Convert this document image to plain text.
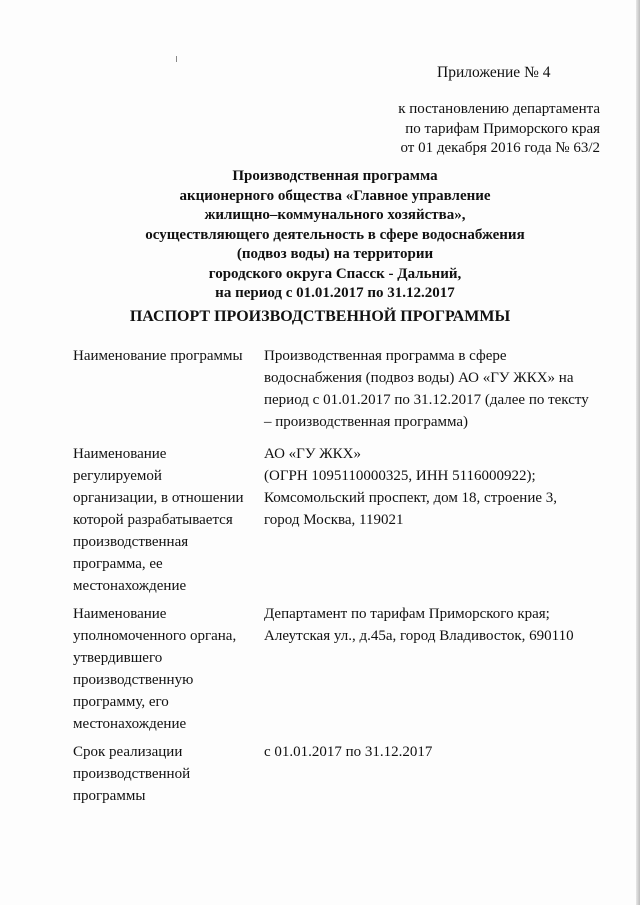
Приложение № 4
к постановлению департамента
по тарифам Приморского края
от 01 декабря 2016 года № 63/2
Производственная программа
акционерного общества «Главное управление
жилищно–коммунального хозяйства»,
осуществляющего деятельность в сфере водоснабжения
(подвоз воды) на территории
городского округа Спасск - Дальний,
на период с 01.01.2017 по 31.12.2017
ПАСПОРТ ПРОИЗВОДСТВЕННОЙ ПРОГРАММЫ
Наименование программы	Производственная программа в сфере
водоснабжения (подвоз воды) АО «ГУ ЖКХ» на
период с 01.01.2017 по 31.12.2017 (далее по тексту
– производственная программа)
Наименование
регулируемой
организации, в отношении
которой разрабатывается
производственная
программа, ее
местонахождение
АО «ГУ ЖКХ»
(ОГРН 1095110000325, ИНН 5116000922);
Комсомольский проспект, дом 18, строение 3,
город Москва, 119021
Наименование
уполномоченного органа,
утвердившего
производственную
программу, его
местонахождение
Департамент по тарифам Приморского края;
Алеутская ул., д.45а, город Владивосток, 690110
Срок реализации
производственной
программы
с 01.01.2017 по 31.12.2017
